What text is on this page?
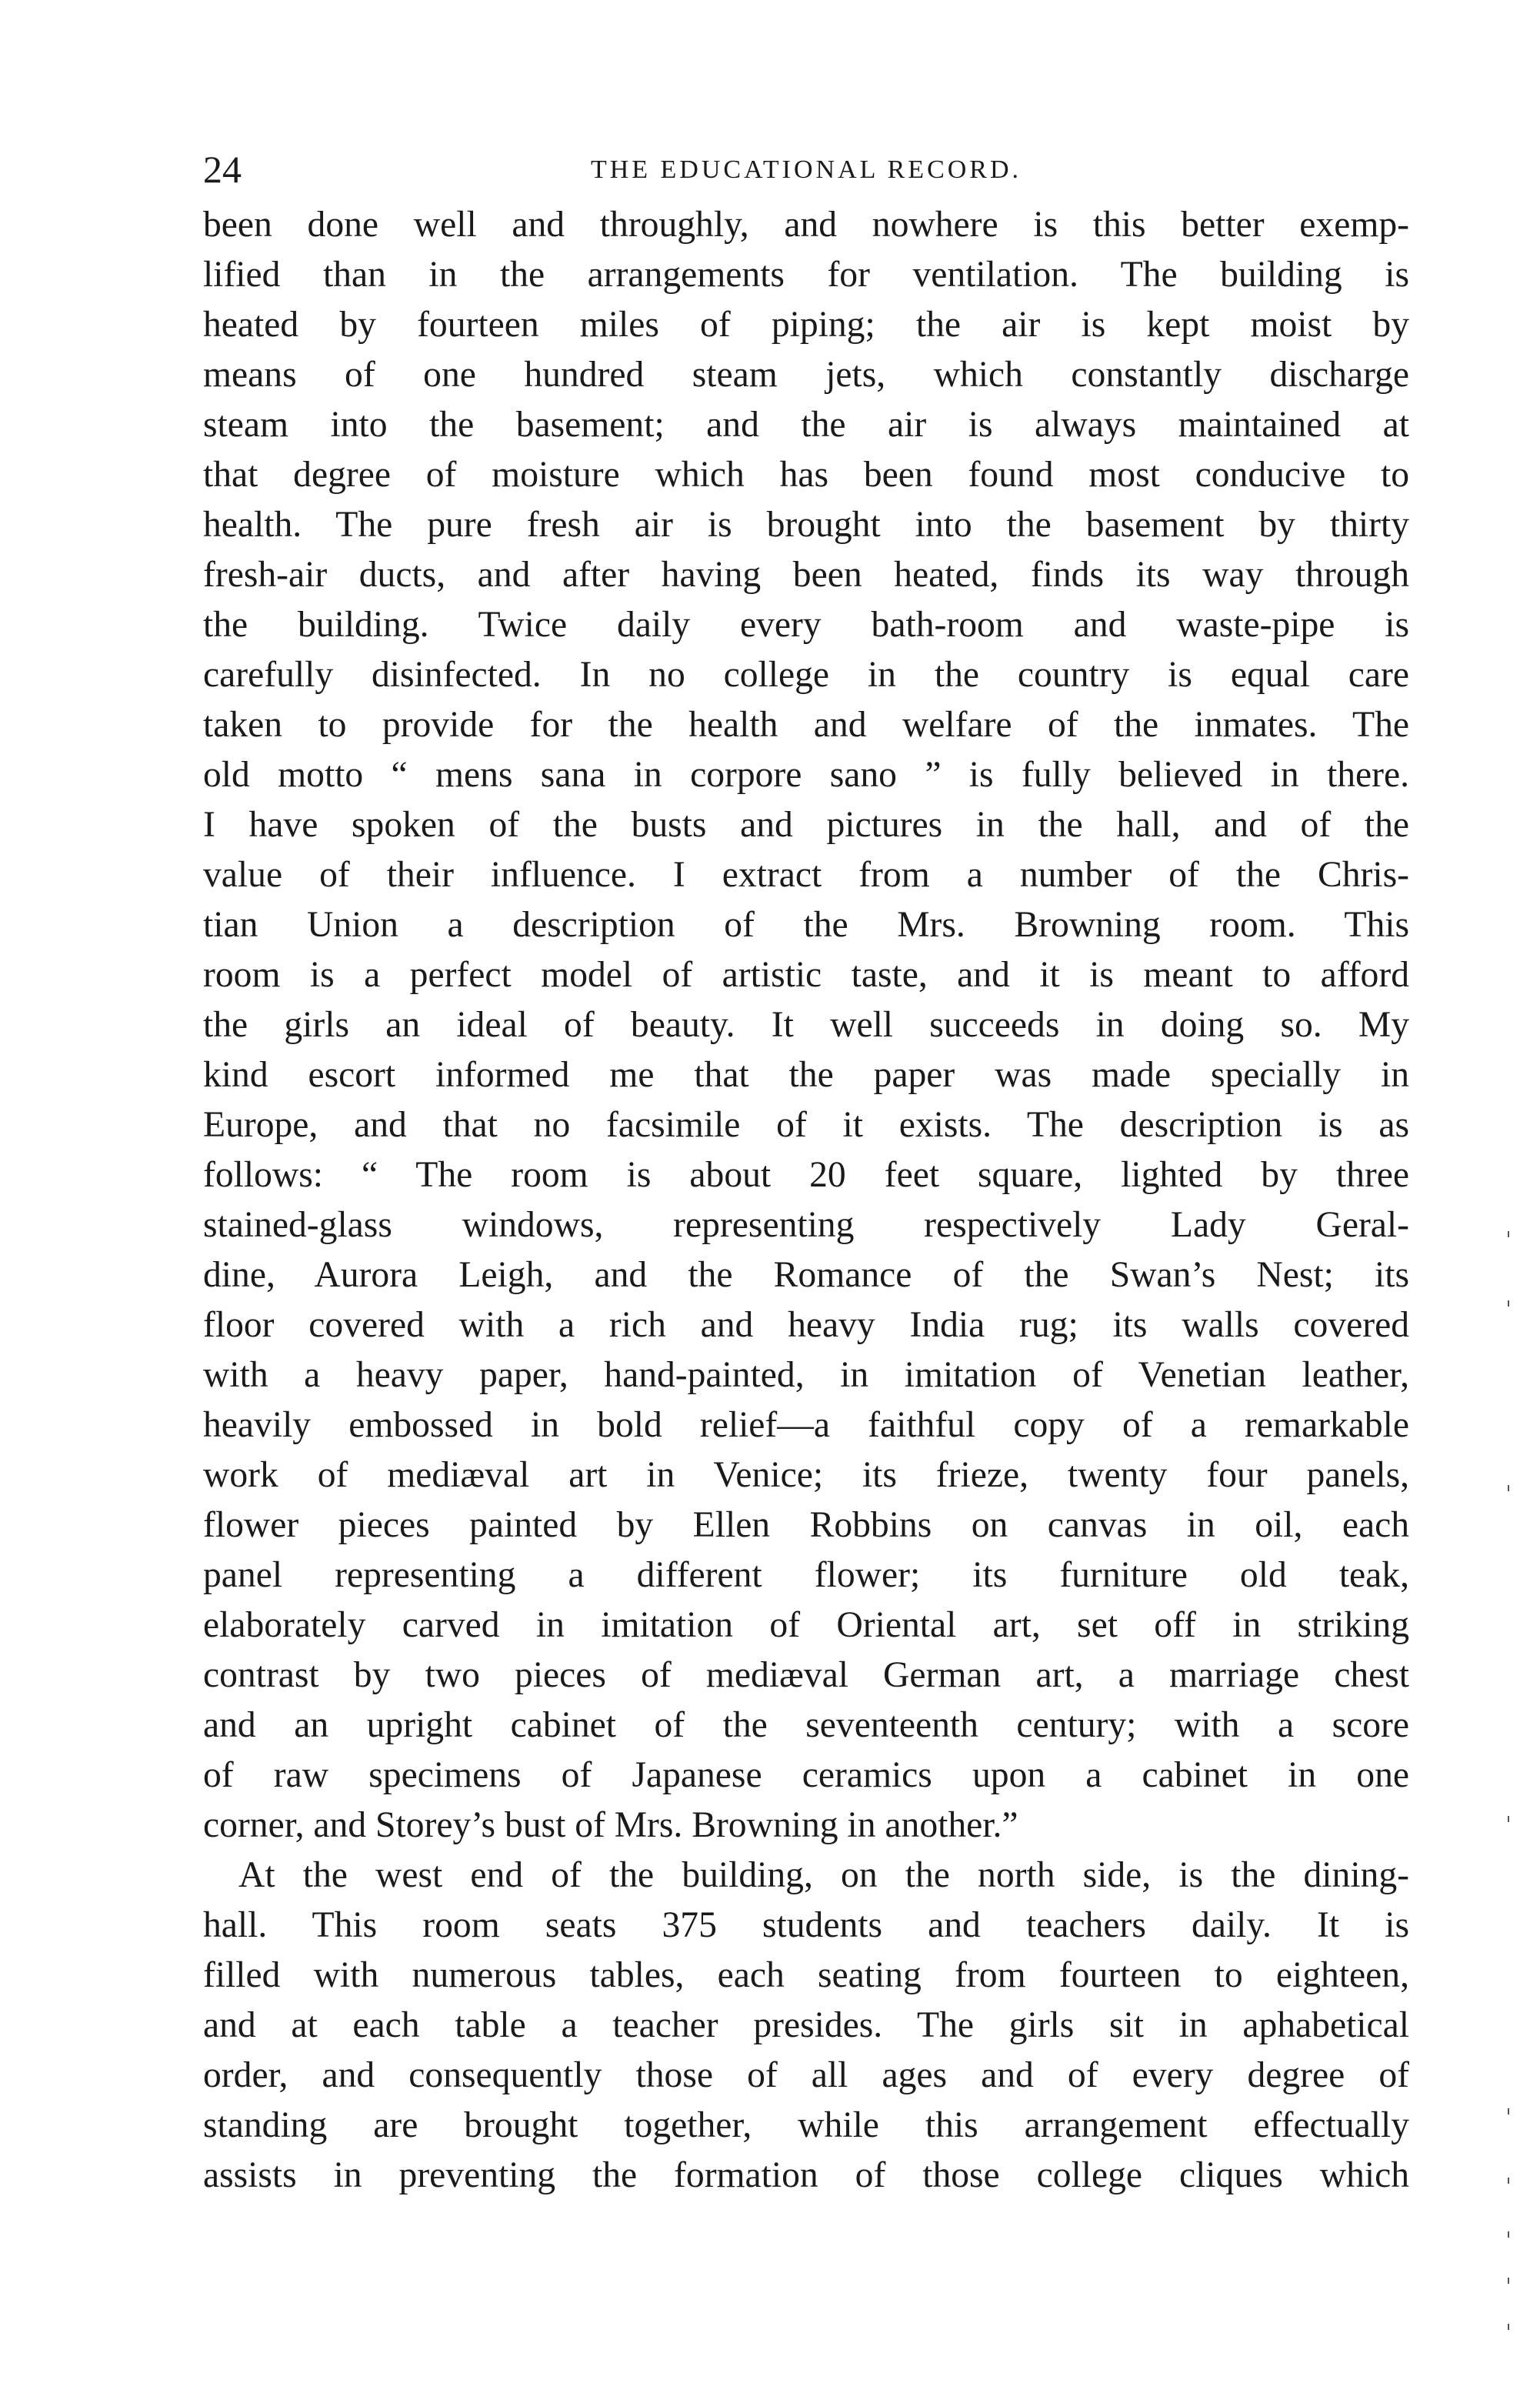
24	THE EDUCATIONAL RECORD.
been done well and throughly, and nowhere is this better exemp-
lified than in the arrangements for ventilation. The building is
heated by fourteen miles of piping; the air is kept moist by
means of one hundred steam jets, which constantly discharge
steam into the basement; and the air is always maintained at
that degree of moisture which has been found most conducive to
health. The pure fresh air is brought into the basement by thirty
fresh-air ducts, and after having been heated, finds its way through
the building. Twice daily every bath-room and waste-pipe is
carefully disinfected. In no college in the country is equal care
taken to provide for the health and welfare of the inmates. The
old motto “ mens sana in corpore sano ” is fully believed in there.
I have spoken of the busts and pictures in the hall, and of the
value of their influence. I extract from a number of the Chris-
tian Union a description of the Mrs. Browning room. This
room is a perfect model of artistic taste, and it is meant to afford
the girls an ideal of beauty. It well succeeds in doing so. My
kind escort informed me that the paper was made specially in
Europe, and that no facsimile of it exists. The description is as
follows: “ The room is about 20 feet square, lighted by three
stained-glass windows, representing respectively Lady Geral-
dine, Aurora Leigh, and the Romance of the Swan’s Nest; its
floor covered with a rich and heavy India rug; its walls covered
with a heavy paper, hand-painted, in imitation of Venetian leather,
heavily embossed in bold relief—a faithful copy of a remarkable
work of mediæval art in Venice; its frieze, twenty four panels,
flower pieces painted by Ellen Robbins on canvas in oil, each
panel representing a different flower; its furniture old teak,
elaborately carved in imitation of Oriental art, set off in striking
contrast by two pieces of mediæval German art, a marriage chest
and an upright cabinet of the seventeenth century; with a score
of raw specimens of Japanese ceramics upon a cabinet in one
corner, and Storey’s bust of Mrs. Browning in another.”
At the west end of the building, on the north side, is the dining-
hall. This room seats 375 students and teachers daily. It is
filled with numerous tables, each seating from fourteen to eighteen,
and at each table a teacher presides. The girls sit in aphabetical
order, and consequently those of all ages and of every degree of
standing are brought together, while this arrangement effectually
assists in preventing the formation of those college cliques which
